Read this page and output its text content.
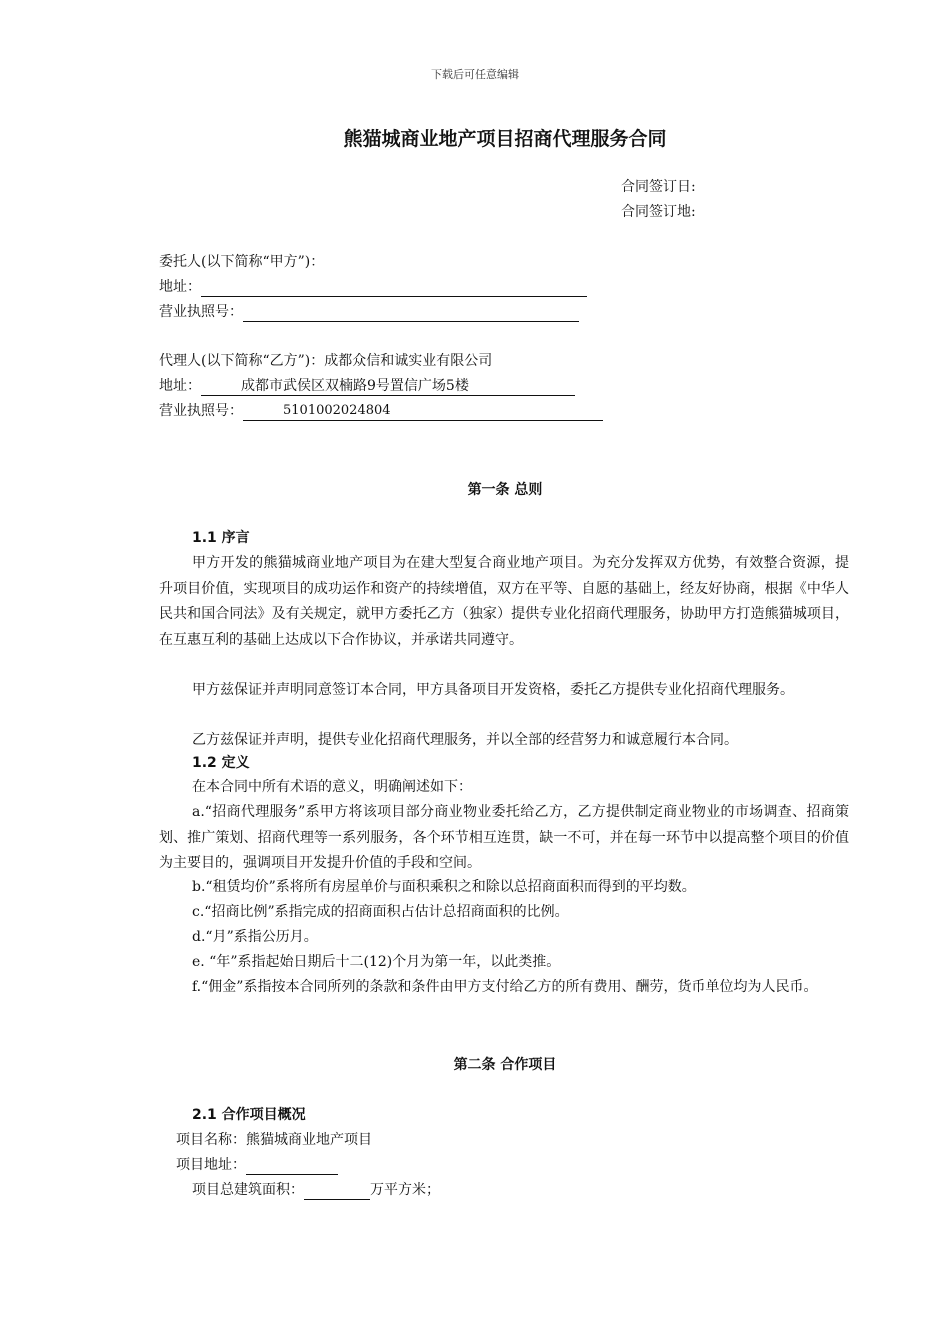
下载后可任意编辑
熊猫城商业地产项目招商代理服务合同
合同签订日:
合同签订地:
委托人(以下简称“甲方”)：
地址：
营业执照号：
代理人(以下简称“乙方”)：成都众信和诚实业有限公司
地址：	成都市武侯区双楠路9号置信广场5楼
营业执照号：	5101002024804
第一条 总则
1.1 序言
甲方开发的熊猫城商业地产项目为在建大型复合商业地产项目。为充分发挥双方优势，有效整合资源，提升项目价值，实现项目的成功运作和资产的持续增值，双方在平等、自愿的基础上，经友好协商，根据《中华人民共和国合同法》及有关规定，就甲方委托乙方（独家）提供专业化招商代理服务，协助甲方打造熊猫城项目，在互惠互利的基础上达成以下合作协议，并承诺共同遵守。
甲方兹保证并声明同意签订本合同，甲方具备项目开发资格，委托乙方提供专业化招商代理服务。
乙方兹保证并声明，提供专业化招商代理服务，并以全部的经营努力和诚意履行本合同。
1.2 定义
在本合同中所有术语的意义，明确阐述如下：
a.“招商代理服务”系甲方将该项目部分商业物业委托给乙方，乙方提供制定商业物业的市场调查、招商策划、推广策划、招商代理等一系列服务，各个环节相互连贯，缺一不可，并在每一环节中以提高整个项目的价值为主要目的，强调项目开发提升价值的手段和空间。
b.“租赁均价”系将所有房屋单价与面积乘积之和除以总招商面积而得到的平均数。
c.“招商比例”系指完成的招商面积占估计总招商面积的比例。
d.“月”系指公历月。
e. “年”系指起始日期后十二(12)个月为第一年，以此类推。
f.“佣金”系指按本合同所列的条款和条件由甲方支付给乙方的所有费用、酬劳，货币单位均为人民币。
第二条 合作项目
2.1 合作项目概况
项目名称：熊猫城商业地产项目
项目地址：
项目总建筑面积：	万平方米；
